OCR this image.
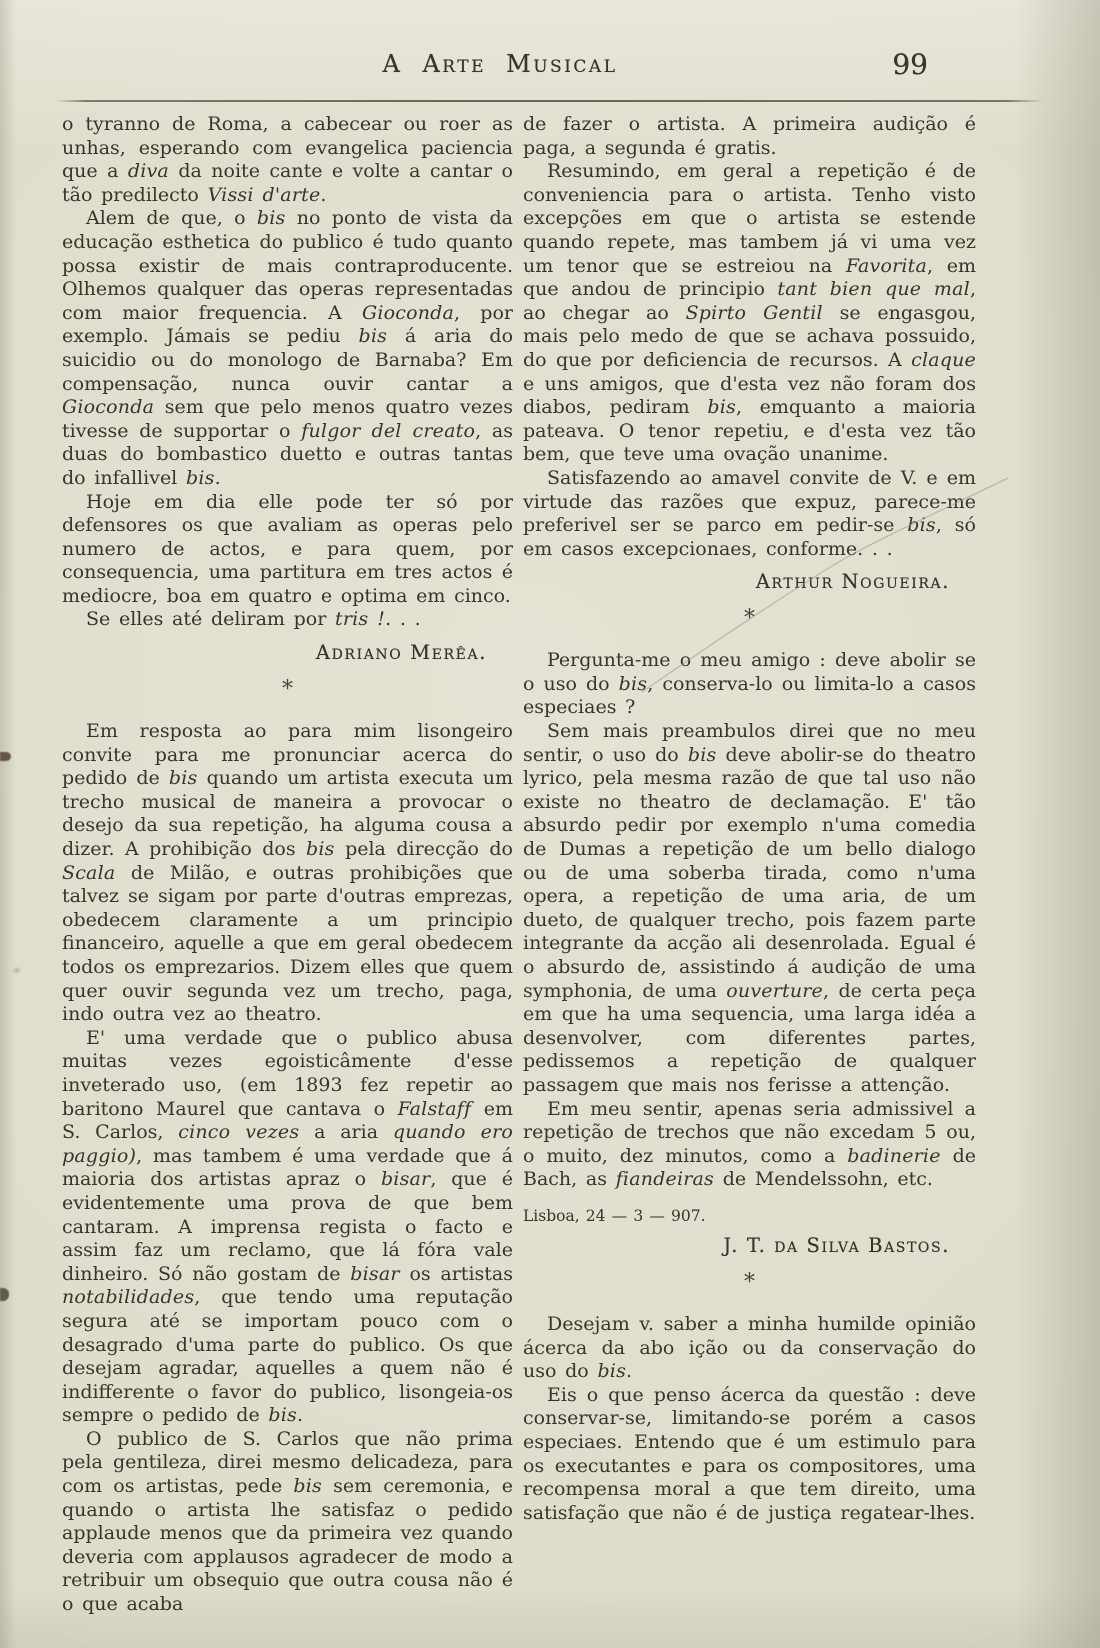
A Arte Musical	99

o tyranno de Roma, a cabecear ou roer as unhas, esperando com evangelica paciencia que a diva da noite cante e volte a cantar o tão predilecto Vissi d'arte.

Alem de que, o bis no ponto de vista da educação esthetica do publico é tudo quanto possa existir de mais contraproducente. Olhemos qualquer das operas representadas com maior frequencia. A Gioconda, por exemplo. Jámais se pediu bis á aria do suicidio ou do monologo de Barnaba? Em compensação, nunca ouvir cantar a Gioconda sem que pelo menos quatro vezes tivesse de supportar o fulgor del creato, as duas do bombastico duetto e outras tantas do infallivel bis.

Hoje em dia elle pode ter só por defensores os que avaliam as operas pelo numero de actos, e para quem, por consequencia, uma partitura em tres actos é mediocre, boa em quatro e optima em cinco.

Se elles até deliram por tris !. . .

Adriano Merêa.
*

Em resposta ao para mim lisongeiro convite para me pronunciar acerca do pedido de bis quando um artista executa um trecho musical de maneira a provocar o desejo da sua repetição, ha alguma cousa a dizer. A prohibição dos bis pela direcção do Scala de Milão, e outras prohibições que talvez se sigam por parte d'outras emprezas, obedecem claramente a um principio financeiro, aquelle a que em geral obedecem todos os emprezarios. Dizem elles que quem quer ouvir segunda vez um trecho, paga, indo outra vez ao theatro.

E' uma verdade que o publico abusa muitas vezes egoisticâmente d'esse inveterado uso, (em 1893 fez repetir ao baritono Maurel que cantava o Falstaff em S. Carlos, cinco vezes a aria quando ero paggio), mas tambem é uma verdade que á maioria dos artistas apraz o bisar, que é evidentemente uma prova de que bem cantaram. A imprensa regista o facto e assim faz um reclamo, que lá fóra vale dinheiro. Só não gostam de bisar os artistas notabilidades, que tendo uma reputação segura até se importam pouco com o desagrado d'uma parte do publico. Os que desejam agradar, aquelles a quem não é indifferente o favor do publico, lisongeia-os sempre o pedido de bis.

O publico de S. Carlos que não prima pela gentileza, direi mesmo delicadeza, para com os artistas, pede bis sem ceremonia, e quando o artista lhe satisfaz o pedido applaude menos que da primeira vez quando deveria com applausos agradecer de modo a retribuir um obsequio que outra cousa não é o que acaba

de fazer o artista. A primeira audição é paga, a segunda é gratis.

Resumindo, em geral a repetição é de conveniencia para o artista. Tenho visto excepções em que o artista se estende quando repete, mas tambem já vi uma vez um tenor que se estreiou na Favorita, em que andou de principio tant bien que mal, ao chegar ao Spirto Gentil se engasgou, mais pelo medo de que se achava possuido, do que por deficiencia de recursos. A claque e uns amigos, que d'esta vez não foram dos diabos, pediram bis, emquanto a maioria pateava. O tenor repetiu, e d'esta vez tão bem, que teve uma ovação unanime.

Satisfazendo ao amavel convite de V. e em virtude das razões que expuz, parece-me preferivel ser se parco em pedir-se bis, só em casos excepcionaes, conforme. . .

Arthur Nogueira.
*

Pergunta-me o meu amigo : deve abolir se o uso do bis, conserva-lo ou limita-lo a casos especiaes ?

Sem mais preambulos direi que no meu sentir, o uso do bis deve abolir-se do theatro lyrico, pela mesma razão de que tal uso não existe no theatro de declamação. E' tão absurdo pedir por exemplo n'uma comedia de Dumas a repetição de um bello dialogo ou de uma soberba tirada, como n'uma opera, a repetição de uma aria, de um dueto, de qualquer trecho, pois fazem parte integrante da acção ali desenrolada. Egual é o absurdo de, assistindo á audição de uma symphonia, de uma ouverture, de certa peça em que ha uma sequencia, uma larga idéa a desenvolver, com diferentes partes, pedissemos a repetição de qualquer passagem que mais nos ferisse a attenção.

Em meu sentir, apenas seria admissivel a repetição de trechos que não excedam 5 ou, o muito, dez minutos, como a badinerie de Bach, as fiandeiras de Mendelssohn, etc.

Lisboa, 24 — 3 — 907.
J. T. da Silva Bastos.
*

Desejam v. saber a minha humilde opinião ácerca da abo ição ou da conservação do uso do bis.

Eis o que penso ácerca da questão : deve conservar-se, limitando-se porém a casos especiaes. Entendo que é um estimulo para os executantes e para os compositores, uma recompensa moral a que tem direito, uma satisfação que não é de justiça regatear-lhes.
